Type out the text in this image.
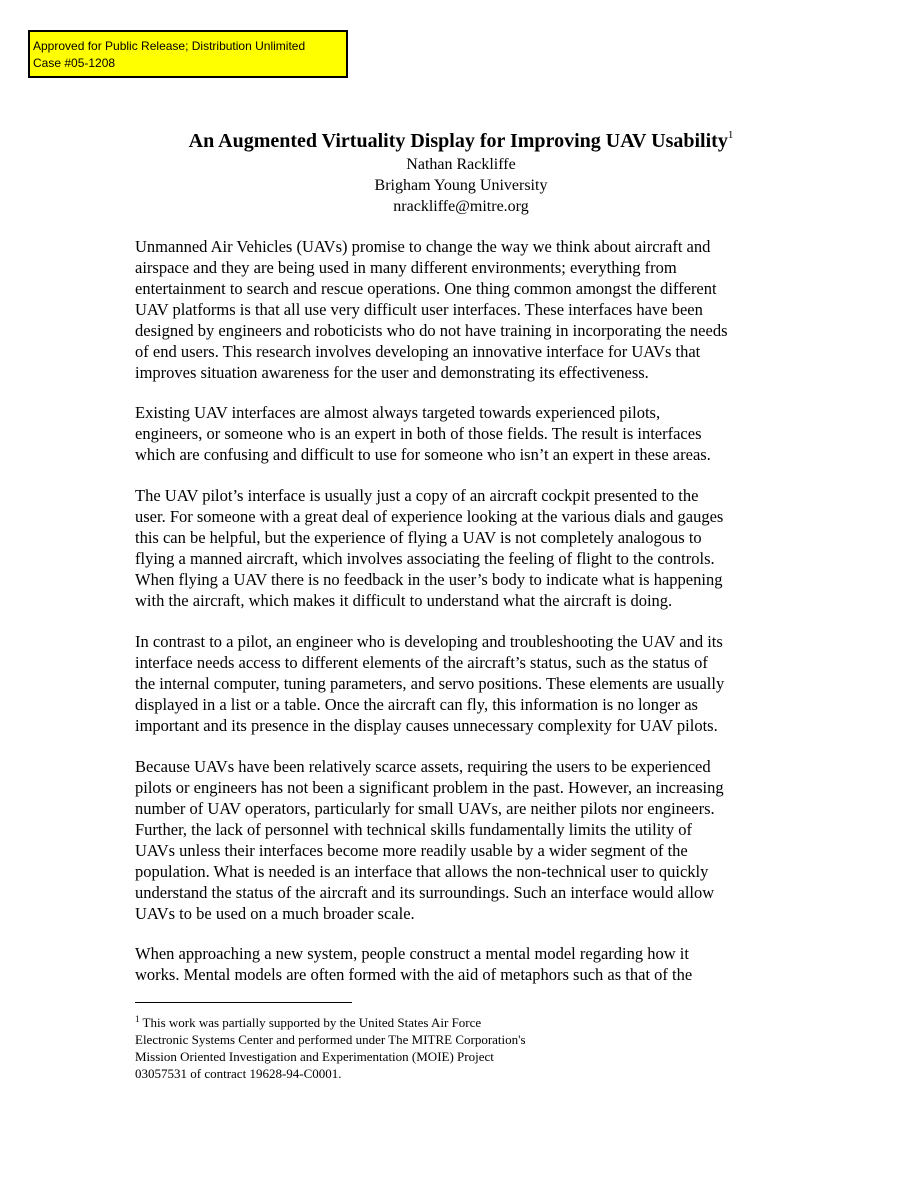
Approved for Public Release; Distribution Unlimited
Case #05-1208
An Augmented Virtuality Display for Improving UAV Usability$^1$
Nathan Rackliffe
Brigham Young University
nrackliffe@mitre.org
Unmanned Air Vehicles (UAVs) promise to change the way we think about aircraft and
airspace and they are being used in many different environments; everything from
entertainment to search and rescue operations. One thing common amongst the different
UAV platforms is that all use very difficult user interfaces. These interfaces have been
designed by engineers and roboticists who do not have training in incorporating the needs
of end users. This research involves developing an innovative interface for UAVs that
improves situation awareness for the user and demonstrating its effectiveness.
Existing UAV interfaces are almost always targeted towards experienced pilots,
engineers, or someone who is an expert in both of those fields. The result is interfaces
which are confusing and difficult to use for someone who isn’t an expert in these areas.
The UAV pilot’s interface is usually just a copy of an aircraft cockpit presented to the
user. For someone with a great deal of experience looking at the various dials and gauges
this can be helpful, but the experience of flying a UAV is not completely analogous to
flying a manned aircraft, which involves associating the feeling of flight to the controls.
When flying a UAV there is no feedback in the user’s body to indicate what is happening
with the aircraft, which makes it difficult to understand what the aircraft is doing.
In contrast to a pilot, an engineer who is developing and troubleshooting the UAV and its
interface needs access to different elements of the aircraft’s status, such as the status of
the internal computer, tuning parameters, and servo positions. These elements are usually
displayed in a list or a table. Once the aircraft can fly, this information is no longer as
important and its presence in the display causes unnecessary complexity for UAV pilots.
Because UAVs have been relatively scarce assets, requiring the users to be experienced
pilots or engineers has not been a significant problem in the past. However, an increasing
number of UAV operators, particularly for small UAVs, are neither pilots nor engineers.
Further, the lack of personnel with technical skills fundamentally limits the utility of
UAVs unless their interfaces become more readily usable by a wider segment of the
population. What is needed is an interface that allows the non-technical user to quickly
understand the status of the aircraft and its surroundings. Such an interface would allow
UAVs to be used on a much broader scale.
When approaching a new system, people construct a mental model regarding how it
works. Mental models are often formed with the aid of metaphors such as that of the
$^1$ This work was partially supported by the United States Air Force
Electronic Systems Center and performed under The MITRE Corporation's
Mission Oriented Investigation and Experimentation (MOIE) Project
03057531 of contract 19628-94-C0001.
